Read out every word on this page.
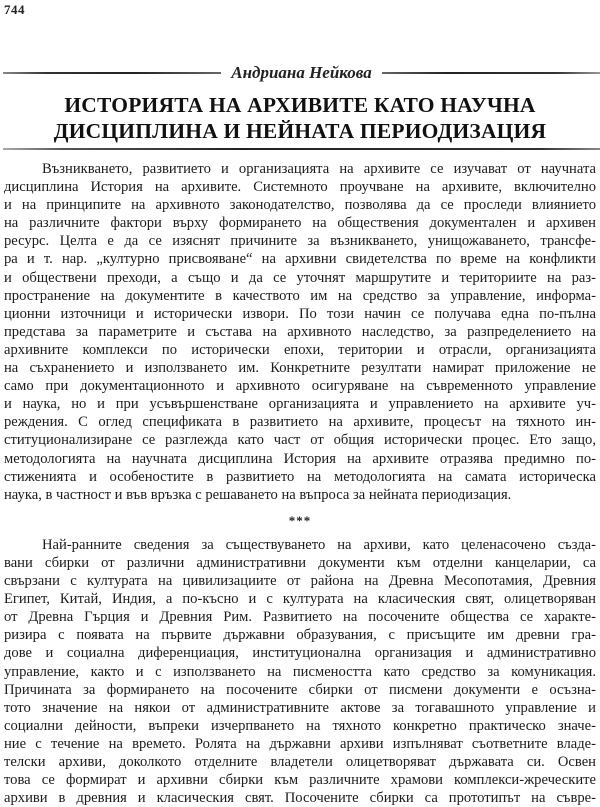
744
Андриана Нейкова
ИСТОРИЯТА НА АРХИВИТЕ КАТО НАУЧНА
ДИСЦИПЛИНА И НЕЙНАТА ПЕРИОДИЗАЦИЯ
Възникването, развитието и организацията на архивите се изучават от научната
дисциплина История на архивите. Системното проучване на архивите, включително
и на принципите на архивното законодателство, позволява да се проследи влиянието
на различните фактори върху формирането на обществения документален и архивен
ресурс. Целта е да се изяснят причините за възникването, унищожаването, трансфе-
ра и т. нар. „културно присвояване“ на архивни свидетелства по време на конфликти
и обществени преходи, а също и да се уточнят маршрутите и териториите на раз-
пространение на документите в качеството им на средство за управление, информа-
ционни източници и исторически извори. По този начин се получава една по-пълна
представа за параметрите и състава на архивното наследство, за разпределението на
архивните комплекси по исторически епохи, територии и отрасли, организацията
на съхранението и използването им. Конкретните резултати намират приложение не
само при документационното и архивното осигуряване на съвременното управление
и наука, но и при усъвършенстване организацията и управлението на архивите уч-
реждения. С оглед спецификата в развитието на архивите, процесът на тяхното ин-
ституционализиране се разглежда като част от общия исторически процес. Ето защо,
методологията на научната дисциплина История на архивите отразява предимно по-
стиженията и особеностите в развитието на методологията на самата историческа
наука, в частност и във връзка с решаването на въпроса за нейната периодизация.
***
Най-ранните сведения за съществуването на архиви, като целенасочено създа-
вани сбирки от различни административни документи към отделни канцеларии, са
свързани с културата на цивилизациите от района на Древна Месопотамия, Древния
Египет, Китай, Индия, а по-късно и с културата на класическия свят, олицетворяван
от Древна Гърция и Древния Рим. Развитието на посочените общества се характе-
ризира с появата на първите държавни образувания, с присъщите им древни гра-
дове и социална диференциация, институционална организация и административно
управление, както и с използването на писмеността като средство за комуникация.
Причината за формирането на посочените сбирки от писмени документи е осъзна-
тото значение на някои от административните актове за тогавашното управление и
социални дейности, въпреки изчерпването на тяхното конкретно практическо значе-
ние с течение на времето. Ролята на държавни архиви изпълняват съответните владе-
телски архиви, доколкото отделните владетели олицетворяват държавата си. Освен
това се формират и архивни сбирки към различните храмови комплекси-жреческите
архиви в древния и класическия свят. Посочените сбирки са прототипът на съвре-
